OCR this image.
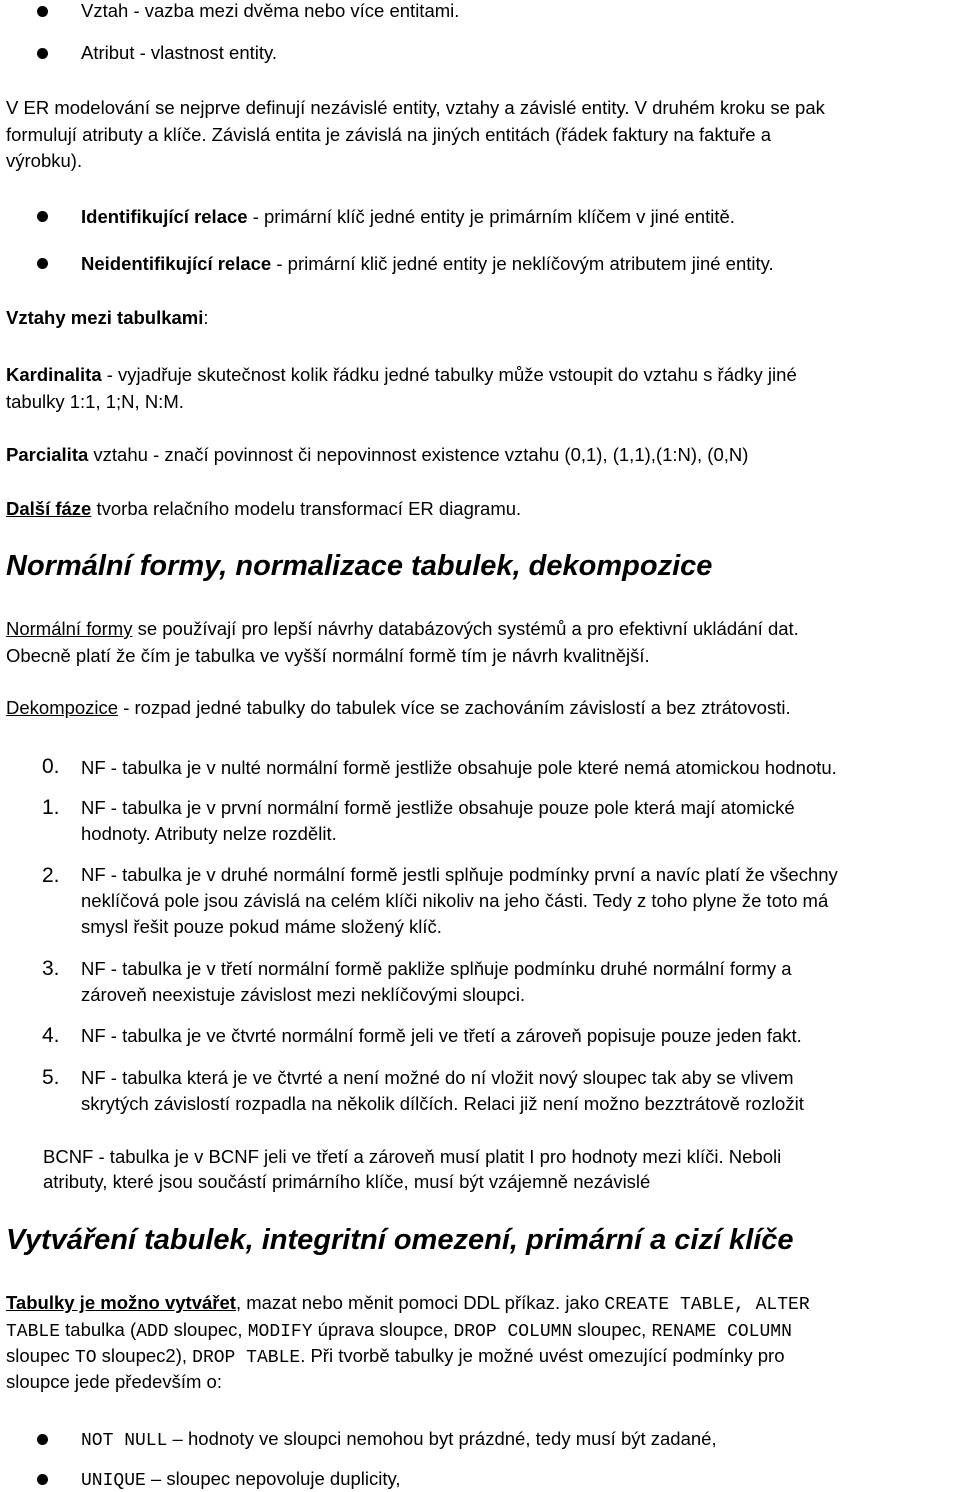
Vztah - vazba mezi dvěma nebo více entitami.
Atribut - vlastnost entity.
V ER modelování se nejprve definují nezávislé entity, vztahy a závislé entity. V druhém kroku se pak
formulují atributy a klíče. Závislá entita je závislá na jiných entitách (řádek faktury na faktuře a
výrobku).
Identifikující relace - primární klíč jedné entity je primárním klíčem v jiné entitě.
Neidentifikující relace - primární klič jedné entity je neklíčovým atributem jiné entity.
Vztahy mezi tabulkami:
Kardinalita - vyjadřuje skutečnost kolik řádku jedné tabulky může vstoupit do vztahu s řádky jiné
tabulky 1:1, 1;N, N:M.
Parcialita vztahu - značí povinnost či nepovinnost existence vztahu (0,1), (1,1),(1:N), (0,N)
Další fáze tvorba relačního modelu transformací ER diagramu.
Normální formy, normalizace tabulek, dekompozice
Normální formy se používají pro lepší návrhy databázových systémů a pro efektivní ukládání dat.
Obecně platí že čím je tabulka ve vyšší normální formě tím je návrh kvalitnější.
Dekompozice - rozpad jedné tabulky do tabulek více se zachováním závislostí a bez ztrátovosti.
0. NF - tabulka je v nulté normální formě jestliže obsahuje pole které nemá atomickou hodnotu.
1. NF - tabulka je v první normální formě jestliže obsahuje pouze pole která mají atomické
hodnoty. Atributy nelze rozdělit.
2. NF - tabulka je v druhé normální formě jestli splňuje podmínky první a navíc platí že všechny
neklíčová pole jsou závislá na celém klíči nikoliv na jeho části. Tedy z toho plyne že toto má
smysl řešit pouze pokud máme složený klíč.
3. NF - tabulka je v třetí normální formě pakliže splňuje podmínku druhé normální formy a
zároveň neexistuje závislost mezi neklíčovými sloupci.
4. NF - tabulka je ve čtvrté normální formě jeli ve třetí a zároveň popisuje pouze jeden fakt.
5. NF - tabulka která je ve čtvrté a není možné do ní vložit nový sloupec tak aby se vlivem
skrytých závislostí rozpadla na několik dílčích. Relaci již není možno bezztrátově rozložit
BCNF - tabulka je v BCNF jeli ve třetí a zároveň musí platit I pro hodnoty mezi klíči. Neboli
atributy, které jsou součástí primárního klíče, musí být vzájemně nezávislé
Vytváření tabulek, integritní omezení, primární a cizí klíče
Tabulky je možno vytvářet, mazat nebo měnit pomoci DDL příkaz. jako CREATE TABLE, ALTER
TABLE tabulka (ADD sloupec, MODIFY úprava sloupce, DROP COLUMN sloupec, RENAME COLUMN
sloupec TO sloupec2), DROP TABLE. Při tvorbě tabulky je možné uvést omezující podmínky pro
sloupce jede především o:
NOT NULL – hodnoty ve sloupci nemohou byt prázdné, tedy musí být zadané,
UNIQUE – sloupec nepovoluje duplicity,
